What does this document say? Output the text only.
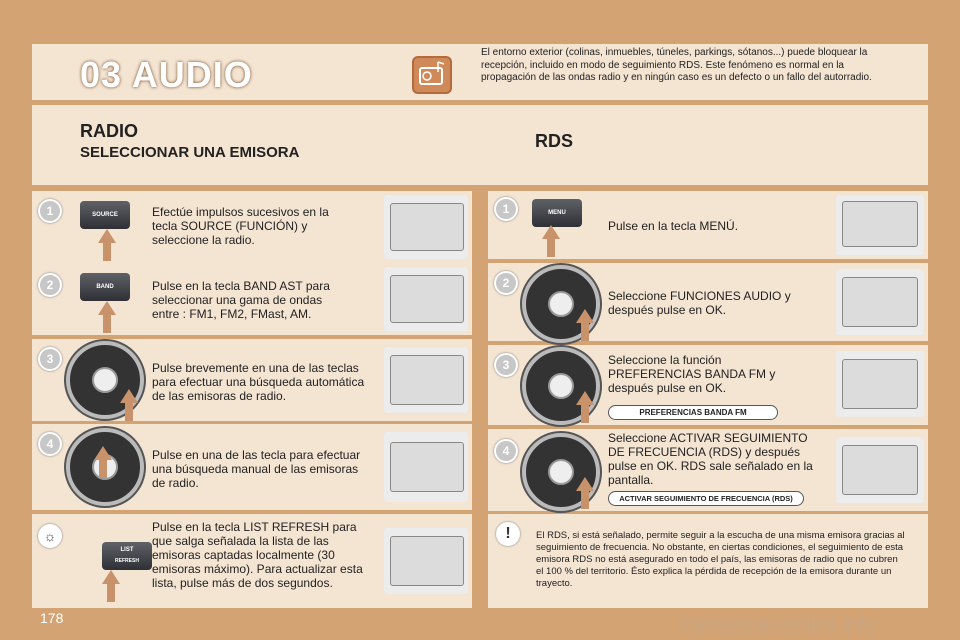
03 AUDIO
El entorno exterior (colinas, inmuebles, túneles, parkings, sótanos...) puede bloquear la recepción, incluido en modo de seguimiento RDS. Este fenómeno es normal en la propagación de las ondas radio y en ningún caso es un defecto o un fallo del autorradio.
RADIO
SELECCIONAR UNA EMISORA
RDS
1	SOURCE	Efectúe impulsos sucesivos en la tecla SOURCE (FUNCIÓN) y seleccione la radio.
2	BAND	Pulse en la tecla BAND AST para seleccionar una gama de ondas entre : FM1, FM2, FMast, AM.
3
Pulse brevemente en una de las teclas para efectuar una búsqueda automática de las emisoras de radio.
4
Pulse en una de las tecla para efectuar una búsqueda manual de las emisoras de radio.
☼
LIST
REFRESH
Pulse en la tecla LIST REFRESH para que salga señalada la lista de las emisoras captadas localmente (30 emisoras máximo). Para actualizar esta lista, pulse más de dos segundos.
1	MENU
Pulse en la tecla MENÚ.
2
Seleccione FUNCIONES AUDIO y después pulse en OK.
3	Seleccione la función PREFERENCIAS BANDA FM y después pulse en OK.
PREFERENCIAS BANDA FM
4
Seleccione ACTIVAR SEGUIMIENTO DE FRECUENCIA (RDS) y después pulse en OK. RDS sale señalado en la pantalla.
ACTIVAR SEGUIMIENTO DE FRECUENCIA (RDS)
!	El RDS, si está señalado, permite seguir a la escucha de una misma emisora gracias al seguimiento de frecuencia. No obstante, en ciertas condiciones, el seguimiento de esta emisora RDS no está asegurado en todo el país, las emisoras de radio que no cubren el 100 % del territorio. Ésto explica la pérdida de recepción de la emisora durante un trayecto.
178	carmanualsonline.info
